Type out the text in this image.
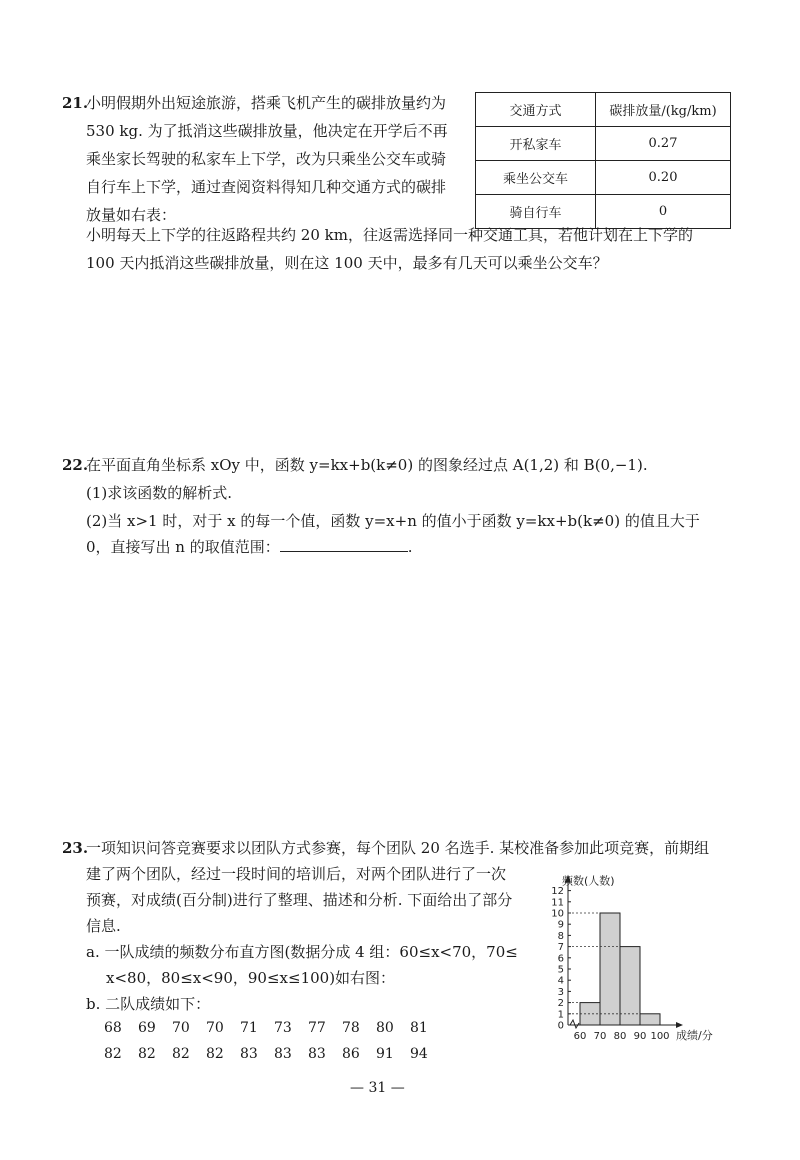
21.
小明假期外出短途旅游，搭乘飞机产生的碳排放量约为
530 kg. 为了抵消这些碳排放量，他决定在开学后不再
乘坐家长驾驶的私家车上下学，改为只乘坐公交车或骑
自行车上下学，通过查阅资料得知几种交通方式的碳排
放量如右表：
小明每天上下学的往返路程共约 20 km，往返需选择同一种交通工具，若他计划在上下学的
100 天内抵消这些碳排放量，则在这 100 天中，最多有几天可以乘坐公交车？
交通方式	碳排放量/(kg/km)
开私家车	0.27
乘坐公交车	0.20
骑自行车	0
22.
在平面直角坐标系 xOy 中，函数 y=kx+b(k≠0) 的图象经过点 A(1,2) 和 B(0,−1).
(1)求该函数的解析式.
(2)当 x>1 时，对于 x 的每一个值，函数 y=x+n 的值小于函数 y=kx+b(k≠0) 的值且大于
0，直接写出 n 的取值范围：	.
23.
一项知识问答竞赛要求以团队方式参赛，每个团队 20 名选手. 某校准备参加此项竞赛，前期组
建了两个团队，经过一段时间的培训后，对两个团队进行了一次
预赛，对成绩(百分制)进行了整理、描述和分析. 下面给出了部分
信息.
a. 一队成绩的频数分布直方图(数据分成 4 组：60≤x<70，70≤
x<80，80≤x<90，90≤x≤100)如右图：
b. 二队成绩如下：
68 69 70 70 71 73 77 78 80 81
82 82 82 82 83 83 83 86 91 94
0
1
2
3
4
5
6
7
8
9
10
11
12
频数(人数)
60 70 80 90 100 成绩/分
— 31 —
